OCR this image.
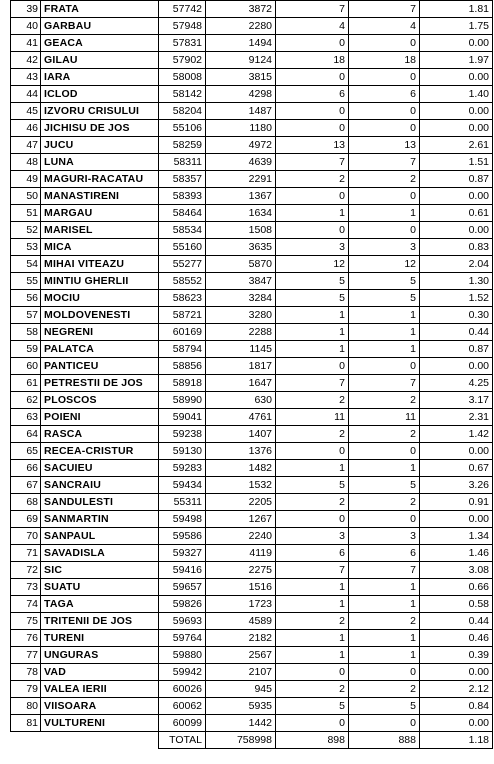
39	FRATA	57742	3872	7	7	1.81
40	GARBAU	57948	2280	4	4	1.75
41	GEACA	57831	1494	0	0	0.00
42	GILAU	57902	9124	18	18	1.97
43	IARA	58008	3815	0	0	0.00
44	ICLOD	58142	4298	6	6	1.40
45	IZVORU CRISULUI	58204	1487	0	0	0.00
46	JICHISU DE JOS	55106	1180	0	0	0.00
47	JUCU	58259	4972	13	13	2.61
48	LUNA	58311	4639	7	7	1.51
49	MAGURI-RACATAU	58357	2291	2	2	0.87
50	MANASTIRENI	58393	1367	0	0	0.00
51	MARGAU	58464	1634	1	1	0.61
52	MARISEL	58534	1508	0	0	0.00
53	MICA	55160	3635	3	3	0.83
54	MIHAI VITEAZU	55277	5870	12	12	2.04
55	MINTIU GHERLII	58552	3847	5	5	1.30
56	MOCIU	58623	3284	5	5	1.52
57	MOLDOVENESTI	58721	3280	1	1	0.30
58	NEGRENI	60169	2288	1	1	0.44
59	PALATCA	58794	1145	1	1	0.87
60	PANTICEU	58856	1817	0	0	0.00
61	PETRESTII DE JOS	58918	1647	7	7	4.25
62	PLOSCOS	58990	630	2	2	3.17
63	POIENI	59041	4761	11	11	2.31
64	RASCA	59238	1407	2	2	1.42
65	RECEA-CRISTUR	59130	1376	0	0	0.00
66	SACUIEU	59283	1482	1	1	0.67
67	SANCRAIU	59434	1532	5	5	3.26
68	SANDULESTI	55311	2205	2	2	0.91
69	SANMARTIN	59498	1267	0	0	0.00
70	SANPAUL	59586	2240	3	3	1.34
71	SAVADISLA	59327	4119	6	6	1.46
72	SIC	59416	2275	7	7	3.08
73	SUATU	59657	1516	1	1	0.66
74	TAGA	59826	1723	1	1	0.58
75	TRITENII DE JOS	59693	4589	2	2	0.44
76	TURENI	59764	2182	1	1	0.46
77	UNGURAS	59880	2567	1	1	0.39
78	VAD	59942	2107	0	0	0.00
79	VALEA IERII	60026	945	2	2	2.12
80	VIISOARA	60062	5935	5	5	0.84
81	VULTURENI	60099	1442	0	0	0.00
		TOTAL	758998	898	888	1.18
